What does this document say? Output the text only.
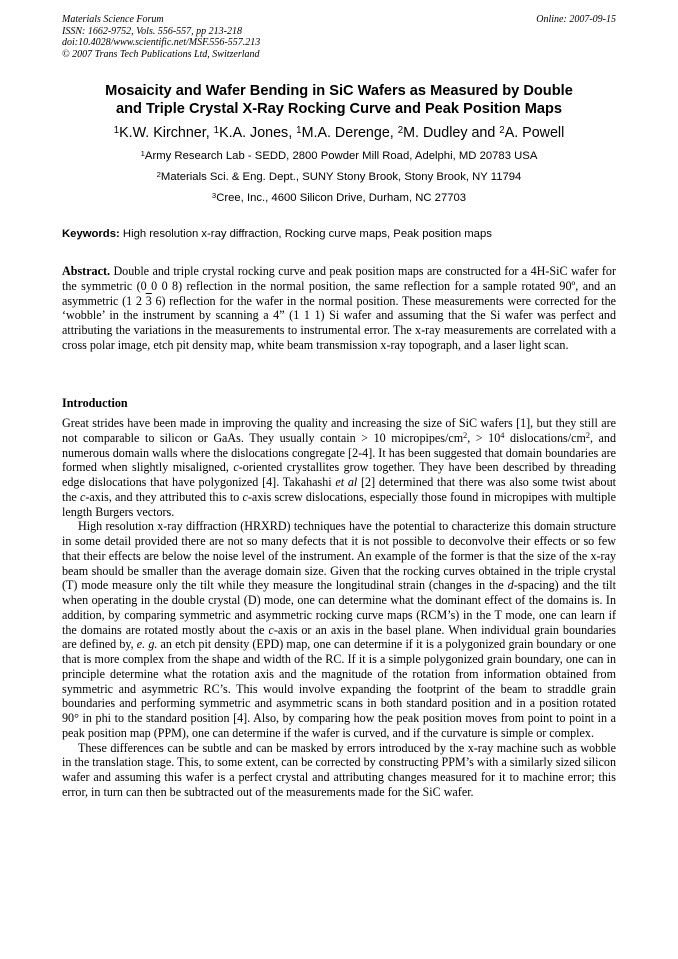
Materials Science Forum
ISSN: 1662-9752, Vols. 556-557, pp 213-218
doi:10.4028/www.scientific.net/MSF.556-557.213
© 2007 Trans Tech Publications Ltd, Switzerland
Online: 2007-09-15
Mosaicity and Wafer Bending in SiC Wafers as Measured by Double
and Triple Crystal X-Ray Rocking Curve and Peak Position Maps
$^1$K.W. Kirchner, $^1$K.A. Jones, $^1$M.A. Derenge, $^2$M. Dudley and $^2$A. Powell
$^1$Army Research Lab - SEDD, 2800 Powder Mill Road, Adelphi, MD 20783 USA
$^2$Materials Sci. & Eng. Dept., SUNY Stony Brook, Stony Brook, NY 11794
$^3$Cree, Inc., 4600 Silicon Drive, Durham, NC 27703
Keywords: High resolution x-ray diffraction, Rocking curve maps, Peak position maps
Abstract. Double and triple crystal rocking curve and peak position maps are constructed for a 4H-SiC wafer for the symmetric (0 0 0 8) reflection in the normal position, the same reflection for a sample rotated 90º, and an asymmetric (1 2 3 6) reflection for the wafer in the normal position. These measurements were corrected for the ‘wobble’ in the instrument by scanning a 4” (1 1 1) Si wafer and assuming that the Si wafer was perfect and attributing the variations in the measurements to instrumental error. The x-ray measurements are correlated with a cross polar image, etch pit density map, white beam transmission x-ray topograph, and a laser light scan.
Introduction

Great strides have been made in improving the quality and increasing the size of SiC wafers [1], but they still are not comparable to silicon or GaAs. They usually contain > 10 micropipes/$cm^2$, > $10^4$ dislocations/$cm^2$, and numerous domain walls where the dislocations congregate [2-4]. It has been suggested that domain boundaries are formed when slightly misaligned, c-oriented crystallites grow together. They have been described by threading edge dislocations that have polygonized [4]. Takahashi et al [2] determined that there was also some twist about the c-axis, and they attributed this to c-axis screw dislocations, especially those found in micropipes with multiple length Burgers vectors.

High resolution x-ray diffraction (HRXRD) techniques have the potential to characterize this domain structure in some detail provided there are not so many defects that it is not possible to deconvolve their effects or so few that their effects are below the noise level of the instrument. An example of the former is that the size of the x-ray beam should be smaller than the average domain size. Given that the rocking curves obtained in the triple crystal (T) mode measure only the tilt while they measure the longitudinal strain (changes in the d-spacing) and the tilt when operating in the double crystal (D) mode, one can determine what the dominant effect of the domains is. In addition, by comparing symmetric and asymmetric rocking curve maps (RCM’s) in the T mode, one can learn if the domains are rotated mostly about the c-axis or an axis in the basel plane. When individual grain boundaries are defined by, e. g. an etch pit density (EPD) map, one can determine if it is a polygonized grain boundary or one that is more complex from the shape and width of the RC. If it is a simple polygonized grain boundary, one can in principle determine what the rotation axis and the magnitude of the rotation from information obtained from symmetric and asymmetric RC’s. This would involve expanding the footprint of the beam to straddle grain boundaries and performing symmetric and asymmetric scans in both standard position and in a position rotated 90° in phi to the standard position [4]. Also, by comparing how the peak position moves from point to point in a peak position map (PPM), one can determine if the wafer is curved, and if the curvature is simple or complex.

These differences can be subtle and can be masked by errors introduced by the x-ray machine such as wobble in the translation stage. This, to some extent, can be corrected by constructing PPM’s with a similarly sized silicon wafer and assuming this wafer is a perfect crystal and attributing changes measured for it to machine error; this error, in turn can then be subtracted out of the measurements made for the SiC wafer.
